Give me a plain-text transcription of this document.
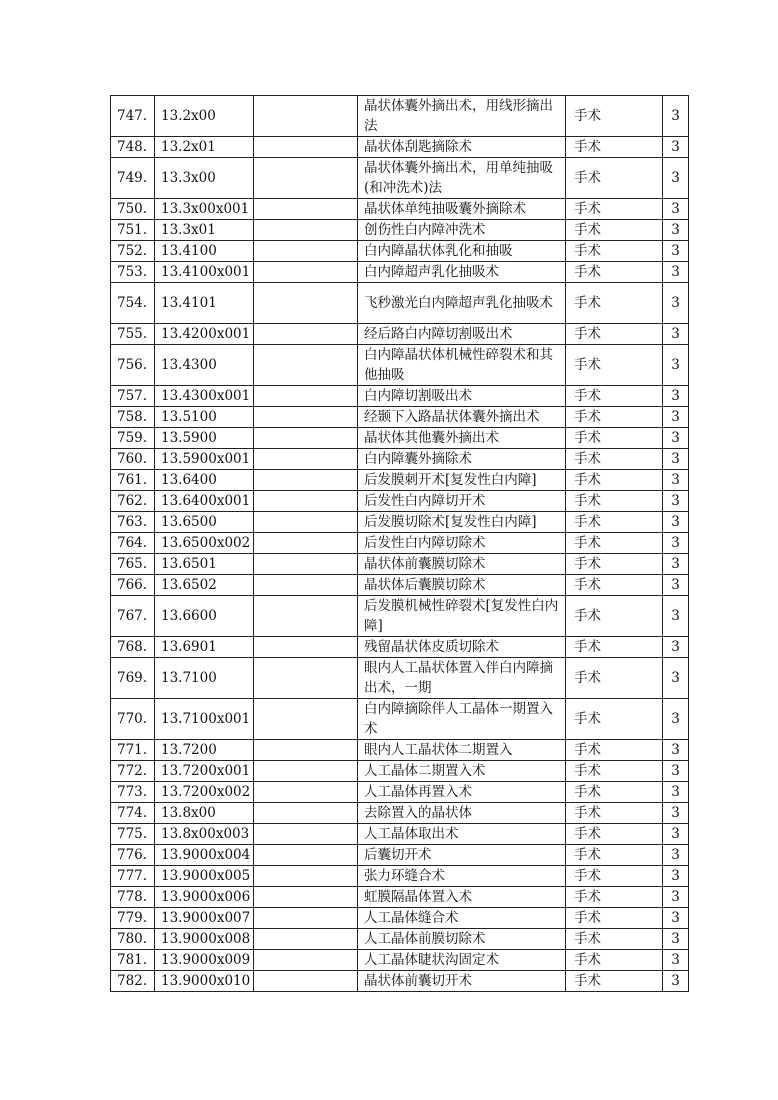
747.	13.2x00		晶状体囊外摘出术，用线形摘出法	手术	3
748.	13.2x01		晶状体刮匙摘除术	手术	3
749.	13.3x00		晶状体囊外摘出术，用单纯抽吸(和冲洗术)法	手术	3
750.	13.3x00x001		晶状体单纯抽吸囊外摘除术	手术	3
751.	13.3x01		创伤性白内障冲洗术	手术	3
752.	13.4100		白内障晶状体乳化和抽吸	手术	3
753.	13.4100x001		白内障超声乳化抽吸术	手术	3
754.	13.4101		飞秒激光白内障超声乳化抽吸术	手术	3
755.	13.4200x001		经后路白内障切割吸出术	手术	3
756.	13.4300		白内障晶状体机械性碎裂术和其他抽吸	手术	3
757.	13.4300x001		白内障切割吸出术	手术	3
758.	13.5100		经颞下入路晶状体囊外摘出术	手术	3
759.	13.5900		晶状体其他囊外摘出术	手术	3
760.	13.5900x001		白内障囊外摘除术	手术	3
761.	13.6400		后发膜刺开术[复发性白内障]	手术	3
762.	13.6400x001		后发性白内障切开术	手术	3
763.	13.6500		后发膜切除术[复发性白内障]	手术	3
764.	13.6500x002		后发性白内障切除术	手术	3
765.	13.6501		晶状体前囊膜切除术	手术	3
766.	13.6502		晶状体后囊膜切除术	手术	3
767.	13.6600		后发膜机械性碎裂术[复发性白内障]	手术	3
768.	13.6901		残留晶状体皮质切除术	手术	3
769.	13.7100		眼内人工晶状体置入伴白内障摘出术，一期	手术	3
770.	13.7100x001		白内障摘除伴人工晶体一期置入术	手术	3
771.	13.7200		眼内人工晶状体二期置入	手术	3
772.	13.7200x001		人工晶体二期置入术	手术	3
773.	13.7200x002		人工晶体再置入术	手术	3
774.	13.8x00		去除置入的晶状体	手术	3
775.	13.8x00x003		人工晶体取出术	手术	3
776.	13.9000x004		后囊切开术	手术	3
777.	13.9000x005		张力环缝合术	手术	3
778.	13.9000x006		虹膜隔晶体置入术	手术	3
779.	13.9000x007		人工晶体缝合术	手术	3
780.	13.9000x008		人工晶体前膜切除术	手术	3
781.	13.9000x009		人工晶体睫状沟固定术	手术	3
782.	13.9000x010		晶状体前囊切开术	手术	3
